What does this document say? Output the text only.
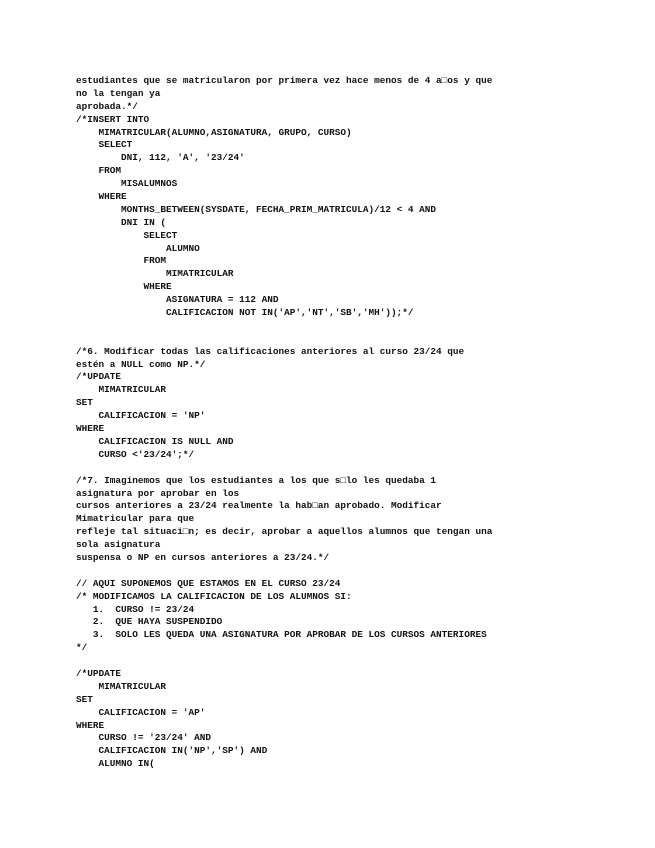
estudiantes que se matricularon por primera vez hace menos de 4 a□os y que
no la tengan ya
aprobada.*/
/*INSERT INTO
MIMATRICULAR(ALUMNO,ASIGNATURA, GRUPO, CURSO)
SELECT
DNI, 112, 'A', '23/24'
FROM
MISALUMNOS
WHERE
MONTHS_BETWEEN(SYSDATE, FECHA_PRIM_MATRICULA)/12 < 4 AND
DNI IN (
SELECT
ALUMNO
FROM
MIMATRICULAR
WHERE
ASIGNATURA = 112 AND
CALIFICACION NOT IN('AP','NT','SB','MH'));*/
/*6. Modificar todas las calificaciones anteriores al curso 23/24 que
estén a NULL como NP.*/
/*UPDATE
MIMATRICULAR
SET
CALIFICACION = 'NP'
WHERE
CALIFICACION IS NULL AND
CURSO <'23/24';*/
/*7. Imaginemos que los estudiantes a los que s□lo les quedaba 1
asignatura por aprobar en los
cursos anteriores a 23/24 realmente la hab□an aprobado. Modificar
Mimatricular para que
refleje tal situaci□n; es decir, aprobar a aquellos alumnos que tengan una
sola asignatura
suspensa o NP en cursos anteriores a 23/24.*/
// AQUI SUPONEMOS QUE ESTAMOS EN EL CURSO 23/24
/* MODIFICAMOS LA CALIFICACION DE LOS ALUMNOS SI:
1.  CURSO != 23/24
2.  QUE HAYA SUSPENDIDO
3.  SOLO LES QUEDA UNA ASIGNATURA POR APROBAR DE LOS CURSOS ANTERIORES
*/
/*UPDATE
MIMATRICULAR
SET
CALIFICACION = 'AP'
WHERE
CURSO != '23/24' AND
CALIFICACION IN('NP','SP') AND
ALUMNO IN(
